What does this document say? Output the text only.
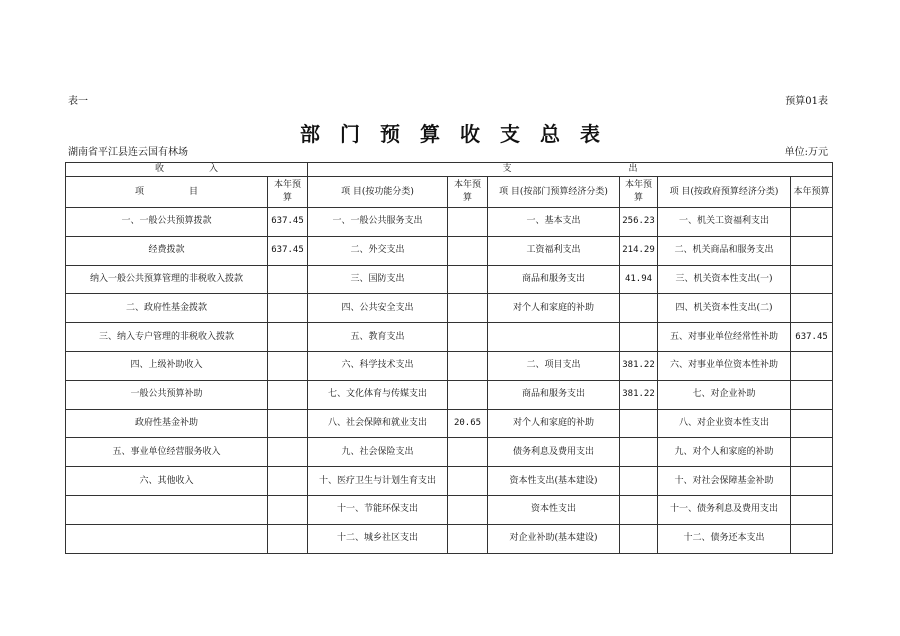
表一	预算01表
部 门 预 算 收 支 总 表
湖南省平江县连云国有林场	单位:万元
收　　　　　入		支　　　　　　　　　　　　　出					
项　　　　　目	本年预算	项 目(按功能分类)	本年预算	项 目(按部门预算经济分类)	本年预算	项 目(按政府预算经济分类)	本年预算
一、一般公共预算拨款	637.45	一、一般公共服务支出		一、基本支出	256.23	一、机关工资福利支出	
经费拨款	637.45	二、外交支出		工资福利支出	214.29	二、机关商品和服务支出	
纳入一般公共预算管理的非税收入拨款		三、国防支出		商品和服务支出	41.94	三、机关资本性支出(一)	
二、政府性基金拨款		四、公共安全支出		对个人和家庭的补助		四、机关资本性支出(二)	
三、纳入专户管理的非税收入拨款		五、教育支出				五、对事业单位经常性补助	637.45
四、上级补助收入		六、科学技术支出		二、项目支出	381.22	六、对事业单位资本性补助	
一般公共预算补助		七、文化体育与传媒支出		商品和服务支出	381.22	七、对企业补助	
政府性基金补助		八、社会保障和就业支出	20.65	对个人和家庭的补助		八、对企业资本性支出	
五、事业单位经营服务收入		九、社会保险支出		债务利息及费用支出		九、对个人和家庭的补助	
六、其他收入		十、医疗卫生与计划生育支出		资本性支出(基本建设)		十、对社会保障基金补助	
		十一、节能环保支出		资本性支出		十一、债务利息及费用支出	
		十二、城乡社区支出		对企业补助(基本建设)		十二、债务还本支出	
